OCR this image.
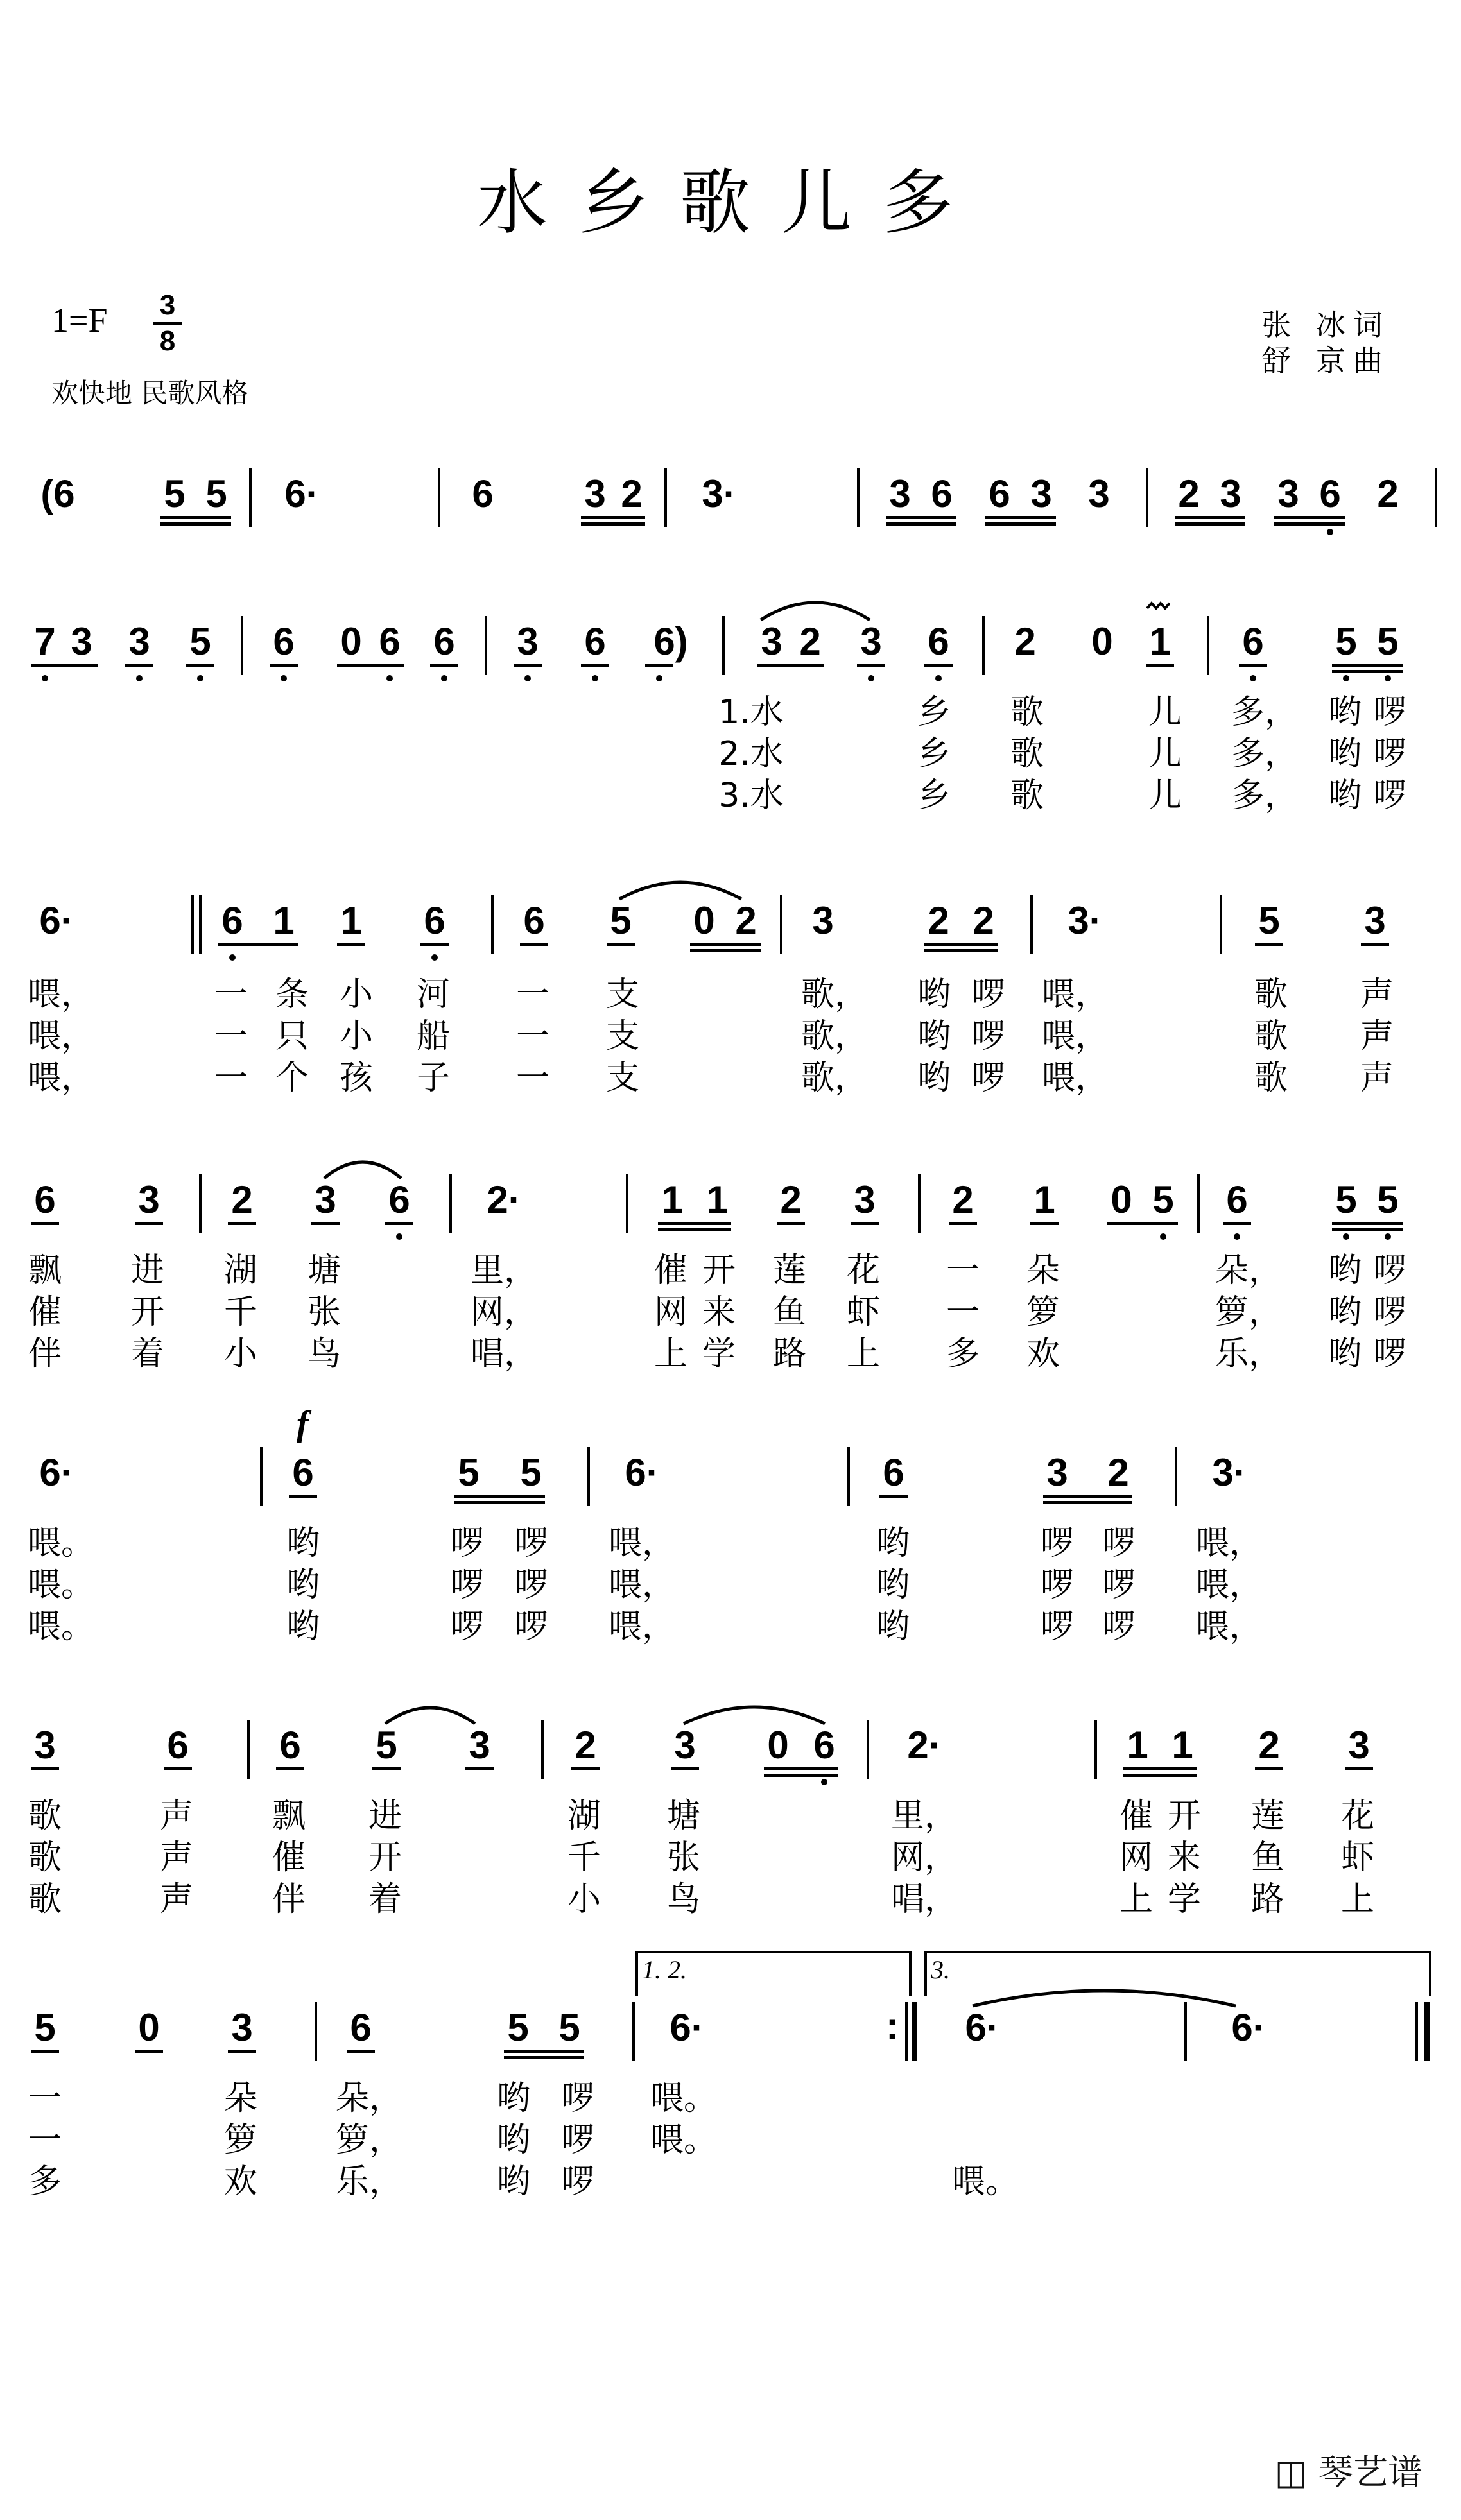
水乡歌儿多
1=F 3
8
欢快地 民歌风格
张 冰词
舒 京曲
(6 5 5 6·	6 3 2 3·	3 6 6 3 3 2 3 3 6 2
7 3 3 5 6 0 6 6 3 6 6) 3 2 3 6 2 0 1 6 5 5
1.水	乡 歌	儿 多， 哟 啰
2.水	乡 歌	儿 多， 哟 啰
3.水	乡 歌	儿 多， 哟 啰
6·	6 1 1 6 6 5 0 2 3 2 2 3·	5 3
喂，	一 条 小 河 一 支	歌， 哟 啰 喂，	歌 声
喂，	一 只 小 船 一 支	歌， 哟 啰 喂，	歌 声
喂，	一 个 孩 子 一 支	歌， 哟 啰 喂，	歌 声
6 3 2 3 6 2·	1 1 2 3 2 1 0 5 6 5 5
飘 进 湖 塘	里，	催 开 莲 花 一 朵	朵， 哟 啰
催 开 千 张	网，	网 来 鱼 虾 一 箩	箩， 哟 啰
伴 着 小 鸟	唱，	上 学 路 上 多 欢	乐， 哟 啰
f
6·	6	5 5 6·	6	3 2 3·
喂。	哟	啰 啰 喂，	哟	啰 啰 喂，
喂。	哟	啰 啰 喂，	哟	啰 啰 喂，
喂。	哟	啰 啰 喂，	哟	啰 啰 喂，
3	6 6 5 3 2 3 0 6 2·	1 1 2 3
歌	声 飘 进	湖 塘	里，	催 开 莲 花
歌	声 催 开	千 张	网，	网 来 鱼 虾
歌	声 伴 着	小 鸟	唱，	上 学 路 上
1. 2.	3.
5 0 3	6	5 5 6·	: 6·	6·
一	朵 朵，	哟 啰 喂。
一	箩 箩，	哟 啰 喂。
多	欢 乐，	哟 啰	喂。
◫ 琴艺谱
